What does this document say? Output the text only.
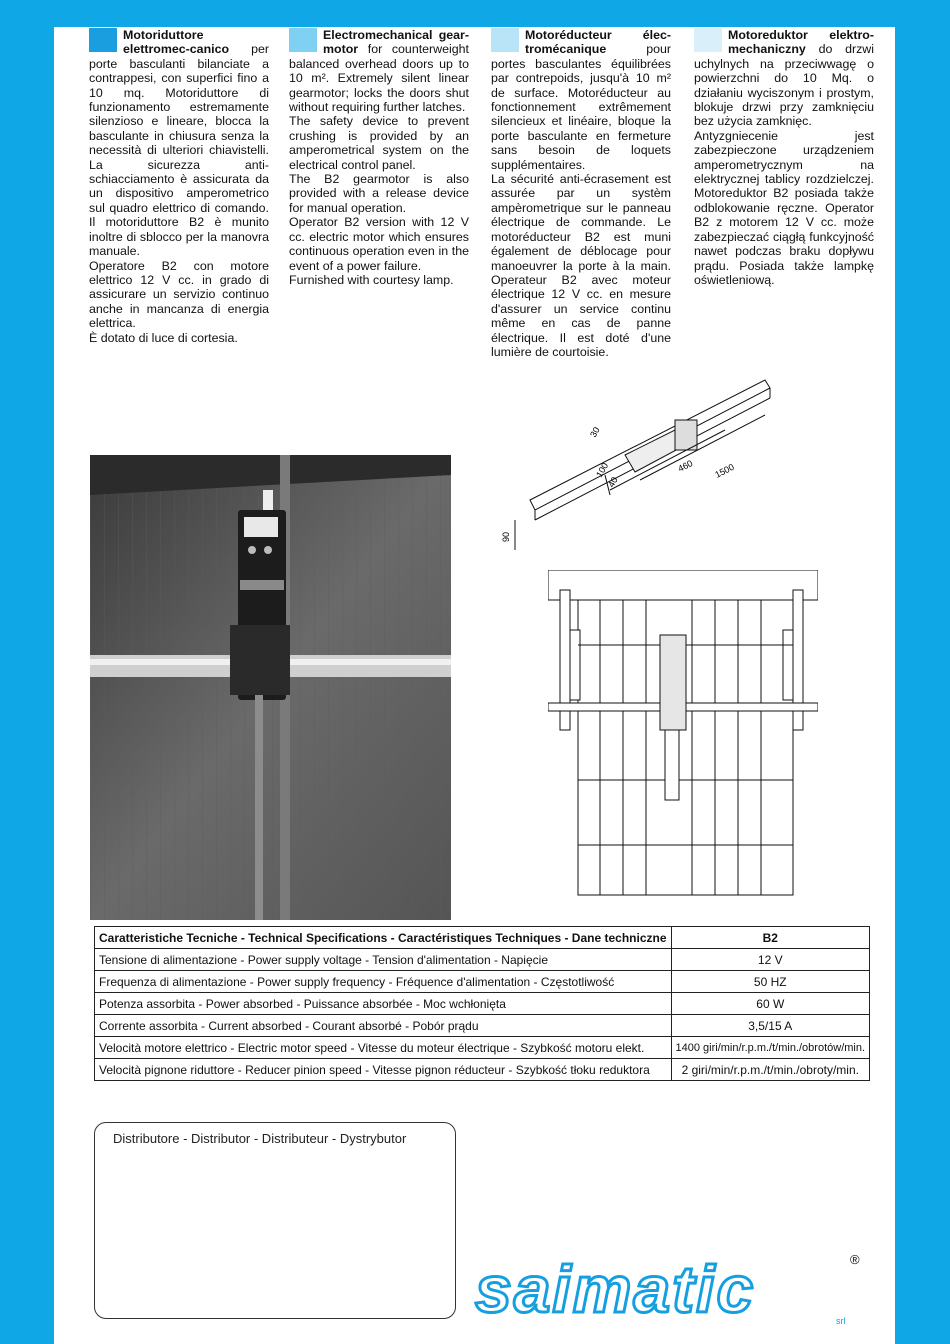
Motoriduttore elettromec-canico per porte basculanti bilanciate a contrappesi, con superfici fino a 10 mq. Motoriduttore di funzionamento estremamente silenzioso e lineare, blocca la basculante in chiusura senza la necessità di ulteriori chiavistelli. La sicurezza anti-schiacciamento è assicurata da un dispositivo amperometrico sul quadro elettrico di comando. Il motoriduttore B2 è munito inoltre di sblocco per la manovra manuale.

Operatore B2 con motore elettrico 12 V cc. in grado di assicurare un servizio continuo anche in mancanza di energia elettrica.

È dotato di luce di cortesia.

Electromechanical gear-motor for counterweight balanced overhead doors up to 10 m². Extremely silent linear gearmotor; locks the doors shut without requiring further latches.

The safety device to prevent crushing is provided by an amperometrical system on the electrical control panel.

The B2 gearmotor is also provided with a release device for manual operation.

Operator B2 version with 12 V cc. electric motor which ensures continuous operation even in the event of a power failure.

Furnished with courtesy lamp.

Motoréducteur élec-tromécanique	pour portes basculantes équilibrées par contrepoids, jusqu'à 10 m² de surface. Motoréducteur au fonctionnement extrêmement silencieux et linéaire, bloque la porte basculante en fermeture sans besoin de loquets supplémentaires.

La sécurité anti-écrasement est assurée par un systèm ampèrometrique sur le panneau électrique de commande. Le motoréducteur B2 est muni également de déblocage pour manoeuvrer la porte à la main. Operateur B2 avec moteur électrique 12 V cc. en mesure d'assurer un service continu même en cas de panne électrique. Il est doté d'une lumière de courtoisie.

Motoreduktor elektro-mechaniczny do drzwi uchylnych na przeciwwagę o powierzchni do 10 Mq. o działaniu wyciszonym i prostym, blokuje drzwi przy zamknięciu bez użycia zamknięc.

Antyzgniecenie jest zabezpieczone urządzeniem amperometrycznym na elektrycznej tablicy rozdzielczej. Motoreduktor B2 posiada także odblokowanie ręczne. Operator B2 z motorem 12 V cc. może zabezpieczać ciągłą funkcyjność nawet podczas braku dopływu prądu. Posiada także lampkę oświetleniową.

30
100
40
460 1500
90
Caratteristiche Tecniche - Technical Specifications - Caractéristiques Techniques - Dane techniczne	B2
Tensione di alimentazione - Power supply voltage - Tension d'alimentation - Napięcie	12 V
Frequenza di alimentazione - Power supply frequency - Fréquence d'alimentation - Częstotliwość	50 HZ
Potenza assorbita - Power absorbed - Puissance absorbée - Moc wchłonięta	60 W
Corrente assorbita - Current absorbed - Courant absorbé - Pobór prądu	3,5/15 A
Velocità motore elettrico - Electric motor speed - Vitesse du moteur électrique - Szybkość motoru elekt.	1400 giri/min/r.p.m./t/min./obrotów/min.
Velocità pignone riduttore - Reducer pinion speed - Vitesse pignon réducteur - Szybkość tłoku reduktora	2 giri/min/r.p.m./t/min./obroty/min.
Distributore - Distributor - Distributeur - Dystrybutor
saimatic	srl
®
